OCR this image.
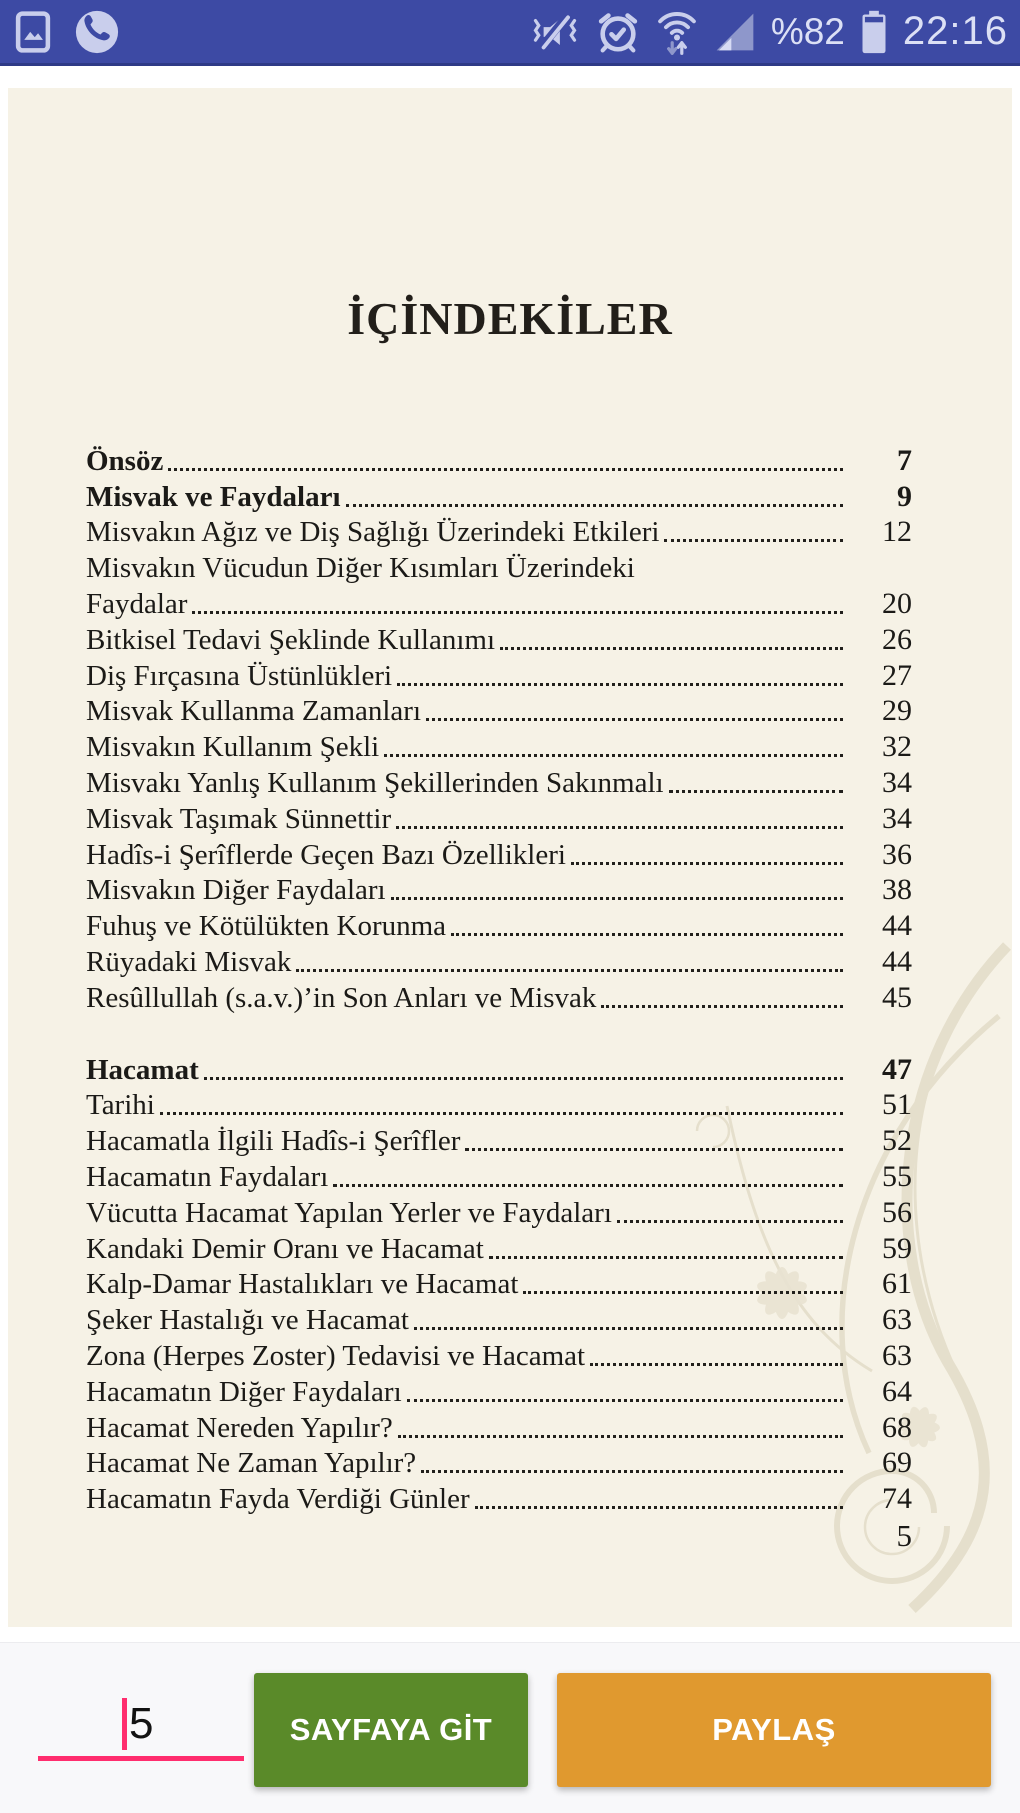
%82 22:16
İÇİNDEKİLER
Önsöz	7
Misvak ve Faydaları	9
Misvakın Ağız ve Diş Sağlığı Üzerindeki Etkileri	12
Misvakın Vücudun Diğer Kısımları Üzerindeki
Faydalar	20
Bitkisel Tedavi Şeklinde Kullanımı	26
Diş Fırçasına Üstünlükleri	27
Misvak Kullanma Zamanları	29
Misvakın Kullanım Şekli	32
Misvakı Yanlış Kullanım Şekillerinden Sakınmalı	34
Misvak Taşımak Sünnettir	34
Hadîs-i Şerîflerde Geçen Bazı Özellikleri	36
Misvakın Diğer Faydaları	38
Fuhuş ve Kötülükten Korunma	44
Rüyadaki Misvak	44
Resûllullah (s.a.v.)’in Son Anları ve Misvak	45
Hacamat	47
Tarihi	51
Hacamatla İlgili Hadîs-i Şerîfler	52
Hacamatın Faydaları	55
Vücutta Hacamat Yapılan Yerler ve Faydaları	56
Kandaki Demir Oranı ve Hacamat	59
Kalp-Damar Hastalıkları ve Hacamat	61
Şeker Hastalığı ve Hacamat	63
Zona (Herpes Zoster) Tedavisi ve Hacamat	63
Hacamatın Diğer Faydaları	64
Hacamat Nereden Yapılır?	68
Hacamat Ne Zaman Yapılır?	69
Hacamatın Fayda Verdiği Günler	74
5
5	SAYFAYA GİT	PAYLAŞ
